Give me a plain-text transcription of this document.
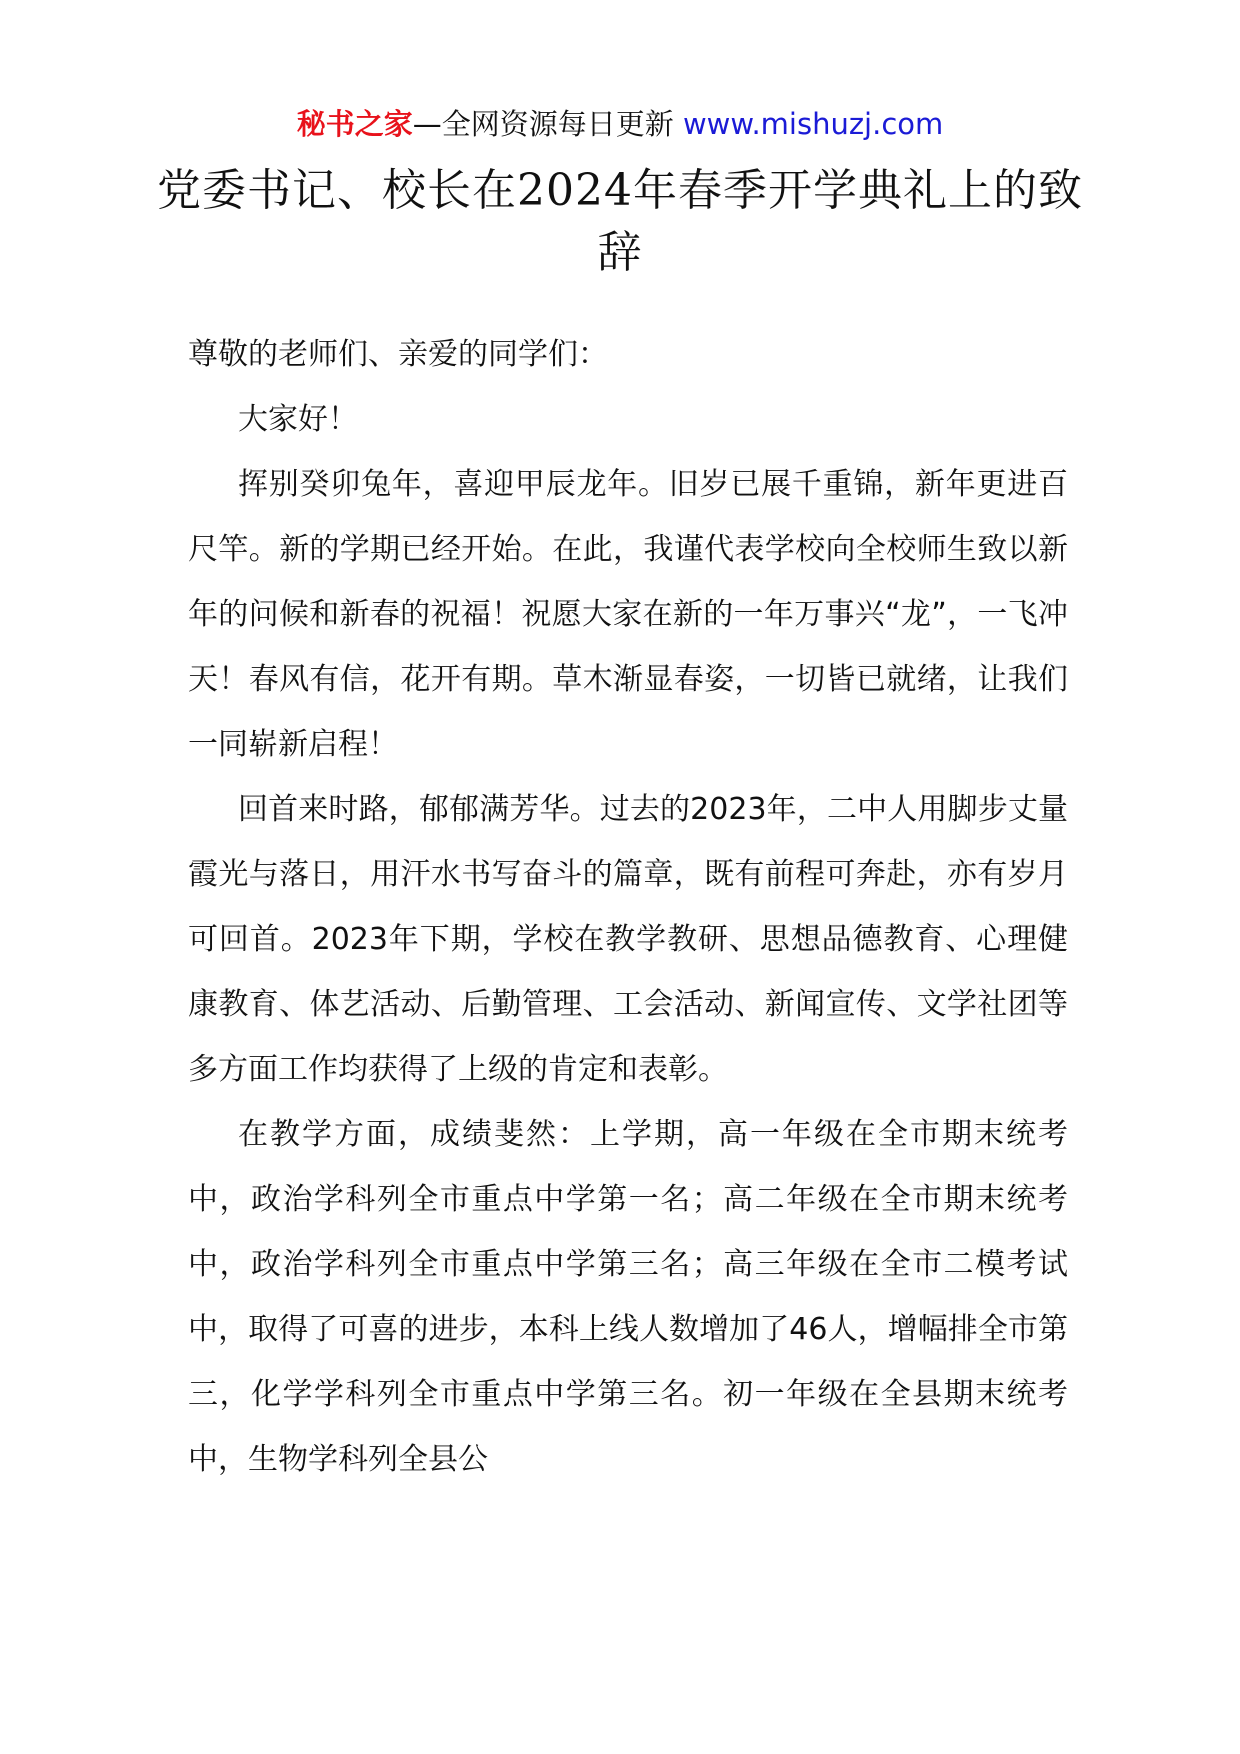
秘书之家—全网资源每日更新 www.mishuzj.com
党委书记、校长在2024年春季开学典礼上的致辞

尊敬的老师们、亲爱的同学们：

大家好！

挥别癸卯兔年，喜迎甲辰龙年。旧岁已展千重锦，新年更进百尺竿。新的学期已经开始。在此，我谨代表学校向全校师生致以新年的问候和新春的祝福！祝愿大家在新的一年万事兴“龙”，一飞冲天！春风有信，花开有期。草木渐显春姿，一切皆已就绪，让我们一同崭新启程！

回首来时路，郁郁满芳华。过去的2023年，二中人用脚步丈量霞光与落日，用汗水书写奋斗的篇章，既有前程可奔赴，亦有岁月可回首。2023年下期，学校在教学教研、思想品德教育、心理健康教育、体艺活动、后勤管理、工会活动、新闻宣传、文学社团等多方面工作均获得了上级的肯定和表彰。

在教学方面，成绩斐然：上学期，高一年级在全市期末统考中，政治学科列全市重点中学第一名；高二年级在全市期末统考中，政治学科列全市重点中学第三名；高三年级在全市二模考试中，取得了可喜的进步，本科上线人数增加了46人，增幅排全市第三，化学学科列全市重点中学第三名。初一年级在全县期末统考中，生物学科列全县公
